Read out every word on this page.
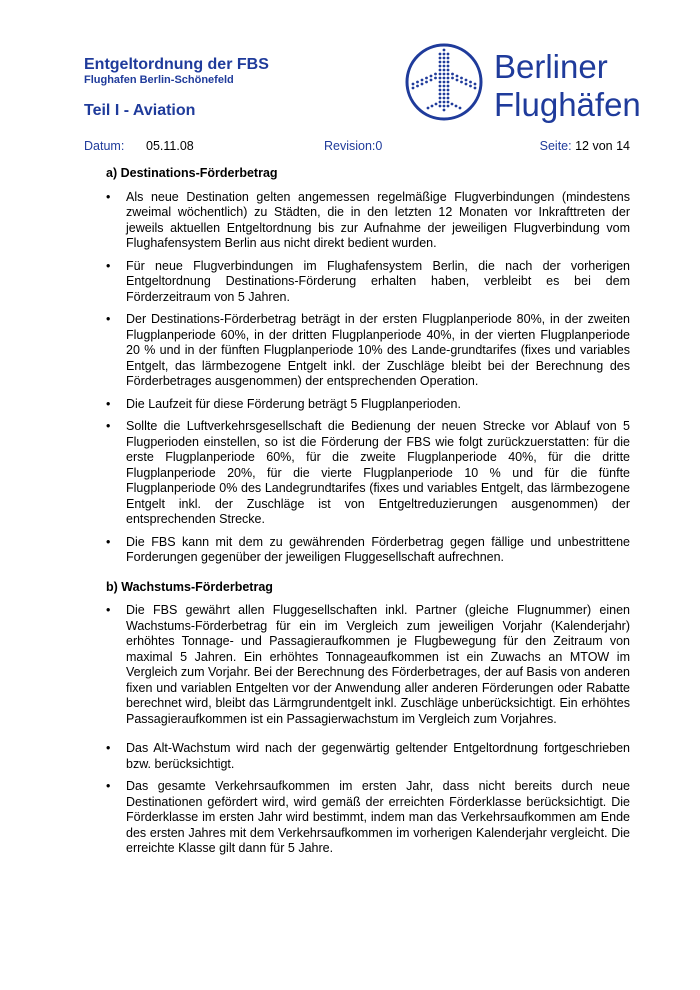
Entgeltordnung der FBS
Flughafen Berlin-Schönefeld
Teil I - Aviation
Berliner
Flughäfen
Datum: 05.11.08	Revision:0	Seite: 12 von 14
a) Destinations-Förderbetrag
• Als neue Destination gelten angemessen regelmäßige Flugverbindungen (mindestens zweimal wöchentlich) zu Städten, die in den letzten 12 Monaten vor Inkrafttreten der jeweils aktuellen Entgeltordnung bis zur Aufnahme der jeweiligen Flugverbindung vom Flughafensystem Berlin aus nicht direkt bedient wurden.
• Für neue Flugverbindungen im Flughafensystem Berlin, die nach der vorherigen Entgeltordnung Destinations-Förderung erhalten haben, verbleibt es bei dem Förderzeitraum von 5 Jahren.
• Der Destinations-Förderbetrag beträgt in der ersten Flugplanperiode 80%, in der zweiten Flugplanperiode 60%, in der dritten Flugplanperiode 40%, in der vierten Flugplanperiode 20 % und in der fünften Flugplanperiode 10% des Lande-grundtarifes (fixes und variables Entgelt, das lärmbezogene Entgelt inkl. der Zuschläge bleibt bei der Berechnung des Förderbetrages ausgenommen) der entsprechenden Operation.
• Die Laufzeit für diese Förderung beträgt 5 Flugplanperioden.
• Sollte die Luftverkehrsgesellschaft die Bedienung der neuen Strecke vor Ablauf von 5 Flugperioden einstellen, so ist die Förderung der FBS wie folgt zurückzuerstatten: für die erste Flugplanperiode 60%, für die zweite Flugplanperiode 40%, für die dritte Flugplanperiode 20%, für die vierte Flugplanperiode 10 % und für die fünfte Flugplanperiode 0% des Landegrundtarifes (fixes und variables Entgelt, das lärmbezogene Entgelt inkl. der Zuschläge ist von Entgeltreduzierungen ausgenommen) der entsprechenden Strecke.
• Die FBS kann mit dem zu gewährenden Förderbetrag gegen fällige und unbestrittene Forderungen gegenüber der jeweiligen Fluggesellschaft aufrechnen.
b) Wachstums-Förderbetrag
• Die FBS gewährt allen Fluggesellschaften inkl. Partner (gleiche Flugnummer) einen Wachstums-Förderbetrag für ein im Vergleich zum jeweiligen Vorjahr (Kalenderjahr) erhöhtes Tonnage- und Passagieraufkommen je Flugbewegung für den Zeitraum von maximal 5 Jahren. Ein erhöhtes Tonnageaufkommen ist ein Zuwachs an MTOW im Vergleich zum Vorjahr. Bei der Berechnung des Förderbetrages, der auf Basis von anderen fixen und variablen Entgelten vor der Anwendung aller anderen Förderungen oder Rabatte berechnet wird, bleibt das Lärmgrundentgelt inkl. Zuschläge unberücksichtigt. Ein erhöhtes Passagieraufkommen ist ein Passagierwachstum im Vergleich zum Vorjahres.
• Das Alt-Wachstum wird nach der gegenwärtig geltender Entgeltordnung fortgeschrieben bzw. berücksichtigt.
• Das gesamte Verkehrsaufkommen im ersten Jahr, dass nicht bereits durch neue Destinationen gefördert wird, wird gemäß der erreichten Förderklasse berücksichtigt. Die Förderklasse im ersten Jahr wird bestimmt, indem man das Verkehrsaufkommen am Ende des ersten Jahres mit dem Verkehrsaufkommen im vorherigen Kalenderjahr vergleicht. Die erreichte Klasse gilt dann für 5 Jahre.
